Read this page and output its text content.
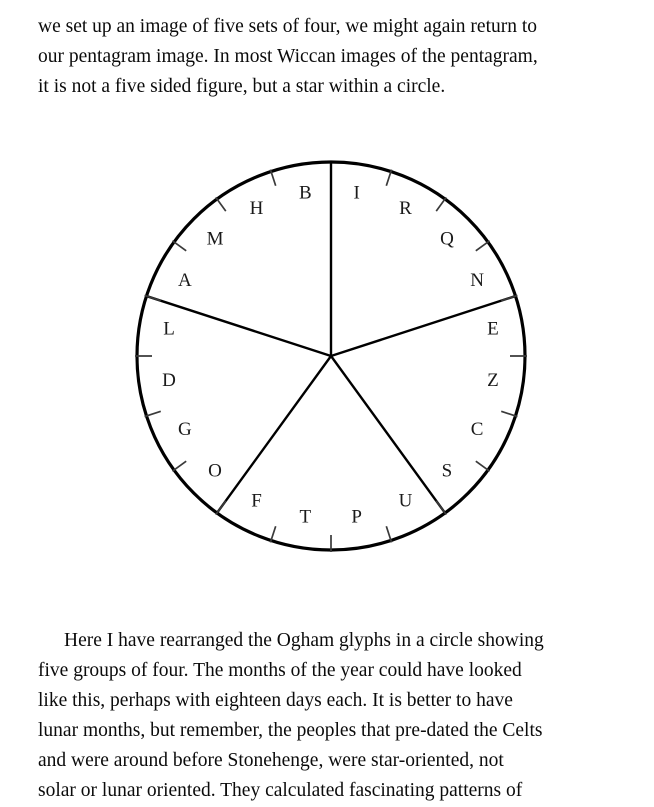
we set up an image of five sets of four, we might again return to

our pentagram image. In most Wiccan images of the pentagram,

it is not a five sided figure, but a star within a circle.

I
R
Q
N
E
Z
C
S
U
P
T
F
O
G
D
L
A
M
H
B

Here I have rearranged the Ogham glyphs in a circle showing

five groups of four. The months of the year could have looked

like this, perhaps with eighteen days each. It is better to have

lunar months, but remember, the peoples that pre-dated the Celts

and were around before Stonehenge, were star-oriented, not

solar or lunar oriented. They calculated fascinating patterns of
